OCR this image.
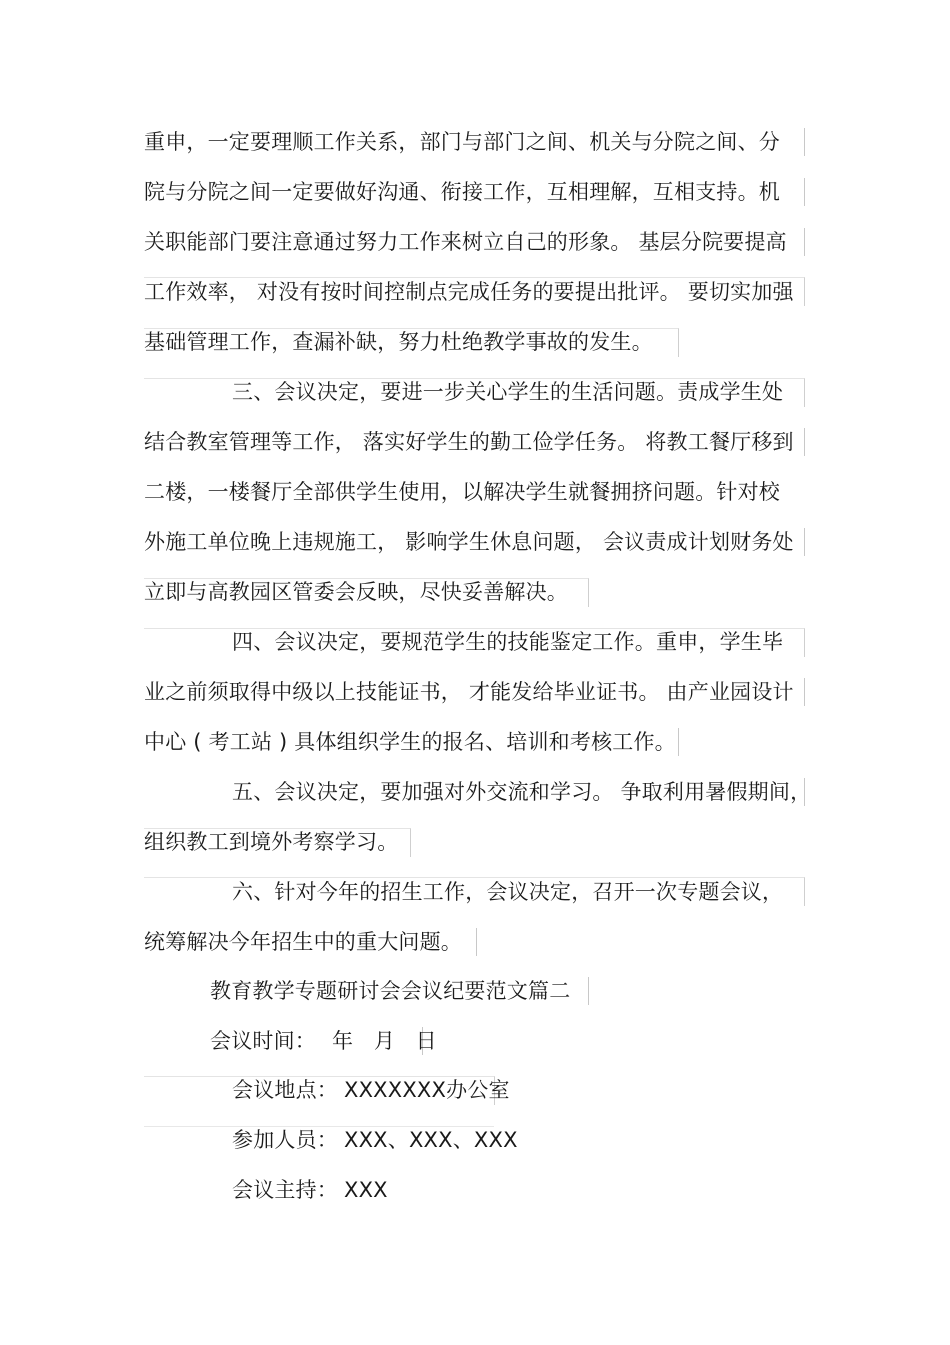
重申，一定要理顺工作关系，部门与部门之间、机关与分院之间、分
院与分院之间一定要做好沟通、衔接工作，互相理解，互相支持。机
关职能部门要注意通过努力工作来树立自己的形象。 基层分院要提高
工作效率， 对没有按时间控制点完成任务的要提出批评。 要切实加强
基础管理工作，查漏补缺，努力杜绝教学事故的发生。
三、会议决定，要进一步关心学生的生活问题。责成学生处
结合教室管理等工作， 落实好学生的勤工俭学任务。 将教工餐厅移到
二楼，一楼餐厅全部供学生使用，以解决学生就餐拥挤问题。针对校
外施工单位晚上违规施工， 影响学生休息问题， 会议责成计划财务处
立即与高教园区管委会反映，尽快妥善解决。
四、会议决定，要规范学生的技能鉴定工作。重申，学生毕
业之前须取得中级以上技能证书， 才能发给毕业证书。 由产业园设计
中心 ( 考工站 ) 具体组织学生的报名、培训和考核工作。
五、会议决定，要加强对外交流和学习。 争取利用暑假期间，
组织教工到境外考察学习。
六、针对今年的招生工作，会议决定，召开一次专题会议，
统筹解决今年招生中的重大问题。
教育教学专题研讨会会议纪要范文篇二
会议时间： 年   月   日
会议地点： XXXXXXX办公室
参加人员： XXX、XXX、XXX
会议主持： XXX
